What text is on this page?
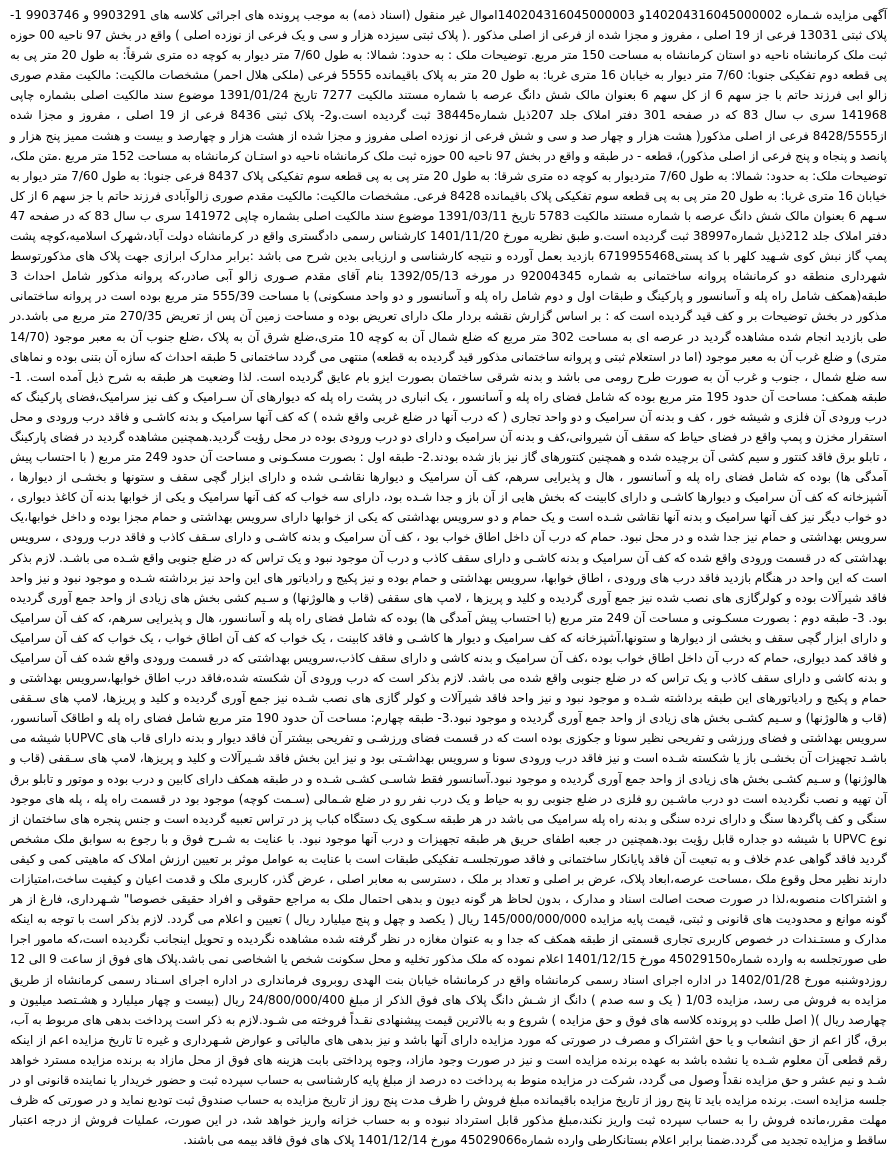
آگهی مزایده شـماره 140204316045000002و 140204316045000003اموال غیر منقول (اسناد ذمه) به موجب پرونده های اجرائی کلاسه های 9903291 و 9903746 1- پلاک ثبتی 13031 فرعی از 19 اصلی ، مفروز و مجزا شده از فرعی از اصلی مذکور .( پلاک ثبتی سیزده هزار و سی و یک فرعی از نوزده اصلی ) واقع در بخش 97 ناحیه 00 حوزه ثبت ملک کرمانشاه ناحیه دو استان کرمانشاه به مساحت 150 متر مربع. توضیحات ملک : به حدود: شمالا: به طول 7/60 متر دیوار به کوچه ده متری شرقاً: به طول 20 متر پی به پی قطعه دوم تفکیکی جنوبا: 7/60 متر دیوار به خیابان 16 متری غربا: به طول 20 متر به پلاک باقیمانده 5555 فرعی (ملکی هلال احمر) مشخصات مالکیت: مالکیت مقدم صوری زالو ابی فرزند حاتم با جز سهم 6 از کل سهم 6 بعنوان مالک شش دانگ عرصه با شماره مستند مالکیت 7277 تاریخ 1391/01/24 موضوع سند مالکیت اصلی بشماره چاپی 141968 سری ب سال 83 که در صفحه 301 دفتر املاک جلد 207ذیل شماره38445 ثبت گردیده است.و2- پلاک ثبتی 8436 فرعی از 19 اصلی ، مفروز و مجزا شده از8428/5555 فرعی از اصلی مذکور( هشت هزار و چهار صد و سی و شش فرعی از نوزده اصلی مفروز و مجزا شده از هشت هزار و چهارصد و بیست و هشت ممیز پنج هزار و پانصد و پنجاه و پنج فرعی از اصلی مذکور)، قطعه - در طبقه و واقع در بخش 97 ناحیه 00 حوزه ثبت ملک کرمانشاه ناحیه دو استـان کرمانشاه به مساحت 152 متر مربع .متن ملک، توضیحات ملک: به حدود: شمالا: به طول 7/60 متردیوار به کوچه ده متری شرقا: به طول 20 متر پی به پی قطعه سوم تفکیکی پلاک 8437 فرعی جنوبا: به طول 7/60 متر دیوار به خیابان 16 متری غربا: به طول 20 متر پی به پی قطعه سوم تفکیکی پلاک باقیمانده 8428 فرعی. مشخصات مالکیت: مالکیت مقدم صوری زالوآبادی فرزند حاتم با جز سهم 6 از کل سـهم 6 بعنوان مالک شش دانگ عرصه با شماره مستند مالکیت 5783 تاریخ 1391/03/11 موضوع سند مالکیت اصلی بشماره چاپی 141972 سری ب سال 83 که در صفحه 47 دفتر املاک جلد 212ذیل شماره38997 ثبت گردیده است.و طبق نظریه مورخ 1401/11/20 کارشناس رسمی دادگستری واقع در کرمانشاه دولت آباد،شهرک اسلامیه،کوچه پشت پمپ گاز نبش کوی شـهید کلهر با کد پستی6719955468 بازدید بعمل آورده و نتیجه کارشناسی و ارزیابی بدین شرح می باشد :برابر مدارک ابرازی جهت پلاک های مذکورتوسط شهرداری منطقه دو کرمانشاه پروانه ساختمانی به شماره 92004345 در مورخه 1392/05/13 بنام آقای مقدم صـوری زالو آبی صادر،که پروانه مذکور شامل احداث 3 طبقه(همکف شامل راه پله و آسانسور و پارکینگ و طبقات اول و دوم شامل راه پله و آسانسور و دو واحد مسکونی) با مساحت 555/39 متر مربع بوده است در پروانه ساختمانی مذکور در بخش توضیحات بر و کف قید گردیده است که : بر اساس گزارش نقشه بردار ملک دارای تعریض بوده و مساحت زمین آن پس از تعریض 270/35 متر مربع می باشد.در طی بازدید انجام شده مشاهده گردید در عرصه ای به مساحت 302 متر مربع که ضلع شمال آن به کوچه 10 متری،ضلع شرق آن به پلاک ،ضلع جنوب آن به معبر موجود (14/70 متری) و ضلع غرب آن به معبر موجود (اما در استعلام ثبتی و پروانه ساختمانی مذکور قید گردیده به قطعه) منتهی می گردد ساختمانی 5 طبقه احداث که سازه آن بتنی بوده و نماهای سه ضلع شمال ، جنوب و غرب آن به صورت طرح رومی می باشد و بدنه شرقی ساختمان بصورت ایزو بام عایق گردیده است. لذا وضعیت هر طبقه به شرح ذیل آمده است. 1- طبقه همکف: مساحت آن حدود 195 متر مربع بوده که شامل فضای راه پله و آسانسور ، یک انباری در پشت راه پله که دیوارهای آن سـرامیک و کف نیز سرامیک،فضای پارکینگ که درب ورودی آن فلزی و شیشه خور ، کف و بدنه آن سرامیک و دو واحد تجاری ( که درب آنها در ضلع غربی واقع شده ) که کف آنها سرامیک و بدنه کاشـی و فاقد درب ورودی و محل استقرار مخزن و پمپ واقع در فضای حیاط که سقف آن شیروانی،کف و بدنه آن سرامیک و دارای دو درب ورودی بوده در محل رؤیت گردید.همچنین مشاهده گردید در فضای پارکینگ ، تابلو برق فاقد کنتور و سیم کشی آن برچیده شده و همچنین کنتورهای گاز نیز باز شده بودند.2- طبقه اول : بصورت مسکـونی و مساحت آن حدود 249 متر مربع ( با احتساب پیش آمدگی ها) بوده که شامل فضای راه پله و آسانسور ، هال و پذیرایی سرهم، کف آن سرامیک و دیوارها نقاشـی شده و دارای ابزار گچی سقف و ستونها و بخشـی از دیوارها ، آشپزخانه که کف آن سرامیک و دیوارها کاشـی و دارای کابینت که بخش هایی از آن باز و جدا شـده بود، دارای سه خواب که کف آنها سرامیک و یکی از خوابها بدنه آن کاغذ دیواری ، دو خواب دیگر نیز کف آنها سرامیک و بدنه آنها نقاشی شـده است و یک حمام و دو سرویس بهداشتی که یکی از خوابها دارای سرویس بهداشتی و حمام مجزا بوده و داخل خوابها،یک سرویس بهداشتی و حمام نیز جدا شده و در محل نبود. حمام که درب آن داخل اطاق خواب بود ، کف آن سرامیک و بدنه کاشـی و دارای سـقف کاذب و فاقد درب ورودی ، سرویس بهداشتی که در قسمت ورودی واقع شده که کف آن سرامیک و بدنه کاشـی و دارای سقف کاذب و درب آن موجود نبود و یک تراس که در ضلع جنوبی واقع شـده می باشـد. لازم بذکر است که این واحد در هنگام بازدید فاقد درب های ورودی ، اطاق خوابها، سرویس بهداشتی و حمام بوده و نیز پکیج و رادیاتور های این واحد نیز برداشته شـده و موجود نبود و نیز واحد فاقد شیرآلات بوده و کولرگازی های نصب شده نیز جمع آوری گردیده و کلید و پریزها ، لامپ های سقفی (قاب و هالوژنها) و سـیم کشی بخش های زیادی از واحد جمع آوری گردیده بود. 3- طبقه دوم : بصورت مسکـونی و مساحت آن 249 متر مربع (با احتساب پیش آمدگی ها) بوده که شامل فضای راه پله و آسانسور، هال و پذیرایی سرهم، که کف آن سرامیک و دارای ابزار گچی سقف و بخشی از دیوارها و ستونها،آشپزخانه که کف سرامیک و دیوار ها کاشـی و فاقد کابینت ، یک خواب که کف آن اطاق خواب ، یک خواب که کف آن سرامیک و فاقد کمد دیواری، حمام که درب آن داخل اطاق خواب بوده ،کف آن سرامیک و بدنه کاشی و دارای سقف کاذب،سرویس بهداشتی که در قسمت ورودی واقع شده کف آن سرامیک و بدنه کاشی و دارای سقف کاذب و یک تراس که در ضلع جنوبی واقع شده می باشد. لازم بذکر است که درب ورودی آن شکسته شده،فاقد درب اطاق خوابها،سرویس بهداشتی و حمام و پکیج و رادیاتورهای این طبقه برداشته شـده و موجود نبود و نیز واحد فاقد شیرآلات و کولر گازی های نصب شـده نیز جمع آوری گردیده و کلید و پریزها، لامپ های سـقفی (قاب و هالوژنها) و سـیم کشـی بخش های زیادی از واحد جمع آوری گردیده و موجود نبود.3- طبقه چهارم: مساحت آن حدود 190 متر مربع شامل فضای راه پله و اطاقک آسانسور، سرویس بهداشتی و فضای ورزشی و تفریحی نظیر سونا و جکوزی بوده است که در قسمت فضای ورزشـی و تفریحی بیشتر آن فاقد دیوار و بدنه دارای قاب های UPVCبا شیشه می باشـد تجهیزات آن بخشـی باز یا شکسته شـده است و نیز فاقد درب ورودی سونا و سرویس بهداشـتی بود و نیز این بخش فاقد شـیرآلات و کلید و پریزها، لامپ های سـقفی (قاب و هالوژنها) و سـیم کشـی بخش های زیادی از واحد جمع آوری گردیده و موجود نبود.آسانسور فقط شاسـی کشـی شـده و در طبقه همکف دارای کابین و درب بوده و موتور و تابلو برق آن تهیه و نصب نگردیده است دو درب ماشـین رو فلزی در ضلع جنوبی رو به حیاط و یک درب نفر رو در ضلع شـمالی (سـمت کوچه) موجود بود در قسمت راه پله ، پله های موجود سنگی و کف پاگردها سنگ و دارای نرده سنگی و بدنه راه پله سرامیک می باشد در هر طبقه سـکوی یک دستگاه کباب پز در تراس تعبیه گردیده است و جنس پنجره های ساختمان از نوع UPVC با شیشه دو جداره قابل رؤیت بود.همچنین در جعبه اطفای حریق هر طبقه تجهیزات و درب آنها موجود نبود. با عنایت به شـرح فوق و با رجوع به سوابق ملک مشخص گردید فاقد گواهی عدم خلاف و به تبعیت آن فاقد پایانکار ساختمانی و فاقد صورتجلسـه تفکیکی طبقات است با عنایت به عوامل موثر بر تعیین ارزش املاک که ماهیتی کمی و کیفی دارند نظیر محل وقوع ملک ،مساحت عرصه،ابعاد پلاک، عرض بر اصلی و تعداد بر ملک ، دسترسی به معابر اصلی ، عرض گذر، کاربری ملک و قدمت اعیان و کیفیت ساخت،امتیازات و اشتراکات منصوبه،لذا در صورت صحت اصالت اسناد و مدارک ، بدون لحاظ هر گونه دیون و بدهی احتمال ملک به مراجع حقوقی و افراد حقیقی خصوصا" شـهرداری، فارغ از هر گونه موانع و محدودیت های قانونی و ثبتی، قیمت پایه مزایده 145/000/000/000 ریال ( یکصد و چهل و پنج میلیارد ریال ) تعیین و اعلام می گردد. لازم بذکر است با توجه به اینکه مدارک و مستـندات در خصوص کاربری تجاری قسمتی از طبقه همکف که جدا و به عنوان مغازه در نظر گرفته شده مشاهده نگردیده و تحویل اینجانب نگردیده است،که مامور اجرا طی صورتجلسه به وارده شماره45029150 مورخ 1401/12/15 اعلام نموده که ملک مذکور تخلیه و محل سکونت شخص یا اشخاصی نمی باشد.پلاک های فوق از ساعت 9 الی 12 روزدوشنبه مورخ 1402/01/28 در اداره اجرای اسناد رسمی کرمانشاه واقع در کرمانشاه خیابان بنت الهدی روبروی فرمانداری در اداره اجرای اسـناد رسمی کرمانشاه از طریق مزایده به فروش می رسد، مزایده 1/03 ( یک و سه صدم ) دانگ از شـش دانگ پلاک های فوق الذکر از مبلغ 24/800/000/400 ریال (بیست و چهار میلیارد و هشـتصد میلیون و چهارصد ریال )( اصل طلب دو پرونده کلاسه های فوق و حق مزایده ) شروع و به بالاترین قیمت پیشنهادی نقـداً فروخته می شـود.لازم به ذکر است پرداخت بدهی های مربوط به آب، برق، گاز اعم از حق انشعاب و یا حق اشتراک و مصرف در صورتی که مورد مزایده دارای آنها باشد و نیز بدهی های مالیاتی و عوارض شـهرداری و غیره تا تاریخ مزایده اعم از اینکه رقم قطعی آن معلوم شـده یا نشده باشد به عهده برنده مزایده است و نیز در صورت وجود مازاد، وجوه پرداختی بابت هزینه های فوق از محل مازاد به برنده مزایده مسترد خواهد شـد و نیم عشر و حق مزایده نقداً وصول می گردد، شرکت در مزایده منوط به پرداخت ده درصد از مبلغ پایه کارشناسی به حساب سپرده ثبت و حضور خریدار یا نماینده قانونی او در جلسه مزایده است. برنده مزایده باید تا پنج روز از تاریخ مزایده باقیمانده مبلغ فروش را ظرف مدت پنج روز از تاریخ مزایده به حساب صندوق ثبت تودیع نماید و در صورتی که ظرف مهلت مقرر،مانده فروش را به حساب سپرده ثبت واریز نکند،مبلغ مذکور قابل استرداد نبوده و به حساب خزانه واریز خواهد شد، در این صورت، عملیات فروش از درجه اعتبار ساقط و مزایده تجدید می گردد.ضمنا برابر اعلام بستانکارطی وارده شماره45029066 مورخ 1401/12/14 پلاک های فوق فاقد بیمه می باشند.
